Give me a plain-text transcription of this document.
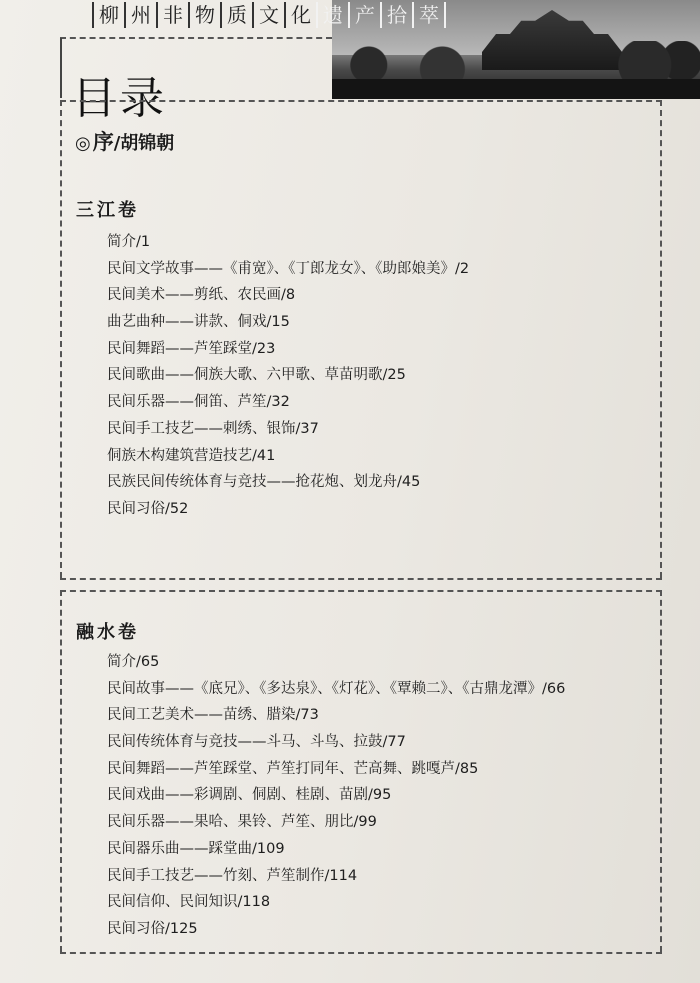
柳 州 非 物 质 文 化 遗 产 拾 萃
目录
◎ 序 /胡锦朝
三江卷
简介/1
民间文学故事——《甫宽》、《丁郎龙女》、《助郎娘美》/2
民间美术——剪纸、农民画/8
曲艺曲种——讲款、侗戏/15
民间舞蹈——芦笙踩堂/23
民间歌曲——侗族大歌、六甲歌、草苗明歌/25
民间乐器——侗笛、芦笙/32
民间手工技艺——刺绣、银饰/37
侗族木构建筑营造技艺/41
民族民间传统体育与竞技——抢花炮、划龙舟/45
民间习俗/52
融水卷
简介/65
民间故事——《底兄》、《多达泉》、《灯花》、《覃赖二》、《古鼎龙潭》/66
民间工艺美术——苗绣、腊染/73
民间传统体育与竞技——斗马、斗鸟、拉鼓/77
民间舞蹈——芦笙踩堂、芦笙打同年、芒高舞、跳嘎芦/85
民间戏曲——彩调剧、侗剧、桂剧、苗剧/95
民间乐器——果哈、果铃、芦笙、朋比/99
民间器乐曲——踩堂曲/109
民间手工技艺——竹刻、芦笙制作/114
民间信仰、民间知识/118
民间习俗/125
